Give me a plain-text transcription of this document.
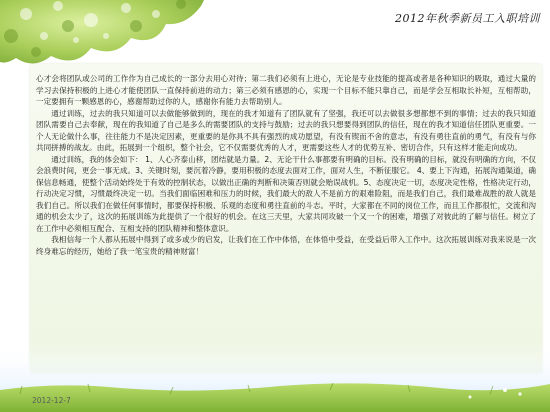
2012年秋季新员工入职培训

心才会将团队或公司的工作作为自己成长的一部分去用心对待；第二我们必须有上进心，无论是专业技能的提高或者是各种知识的吸取，通过大量的学习去保持积极的上进心才能使团队一直保持前进的动力；第三必须有感恩的心，实现一个目标不能只靠自己，而是学会互相取长补短，互相帮助，一定要拥有一颗感恩的心，感谢帮助过你的人，感谢你有能力去帮助别人。

通过训练，过去的我只知道可以去做能够做到的，现在的我才知道有了团队就有了坚强，我还可以去做很多想都想不到的事情；过去的我只知道团队需要自己去奉献，现在的我知道了自己是多么的需要团队的支持与鼓励；过去的我只想要得到团队的信任，现在的我才知道信任团队更重要。一个人无论做什么事，往往能力不是决定因素，更重要的是你具不具有强烈的成功愿望，有没有锲而不舍的意志，有没有勇往直前的勇气，有没有与你共同拼搏的战友。由此，拓展到一个组织，整个社会，它不仅需要优秀的人才，更需要这些人才的优势互补、密切合作，只有这样才能走向成功。

通过训练，我的体会如下： 1、人心齐泰山移，团结就是力量。2、无论干什么事都要有明确的目标。没有明确的目标，就没有明确的方向，不仅会浪费时间，更会一事无成。3、关键时刻，要沉着冷静，要用积极的态度去面对工作，面对人生，不断征服它。 4、要上下沟通，拓展沟通渠道，确保信息畅通，使整个活动始终处于有效的控制状态，以做出正确的判断和决策否则就会贻误战机。5、态度决定一切，态度决定性格，性格决定行动，行动决定习惯，习惯最终决定一切。当我们面临困难和压力的时候，我们最大的敌人不是前方的艰难险阻，而是我们自己，我们最难战胜的敌人就是我们自己。所以我们在做任何事情时，都要保持积极、乐观的态度和勇往直前的斗志。平时，大家都在不同的岗位工作，而且工作都很忙，交流和沟通的机会太少了，这次的拓展训练为此提供了一个很好的机会。在这三天里，大家共同攻破一个又一个的困难，增强了对彼此的了解与信任。树立了在工作中必须相互配合、互相支持的团队精神和整体意识。

我相信每一个人都从拓展中得到了或多或少的启发，让我们在工作中体悟，在体悟中受益，在受益后带入工作中。这次拓展训练对我来说是一次终身难忘的经历，她给了我一笔宝贵的精神财富！

2012-12-7
